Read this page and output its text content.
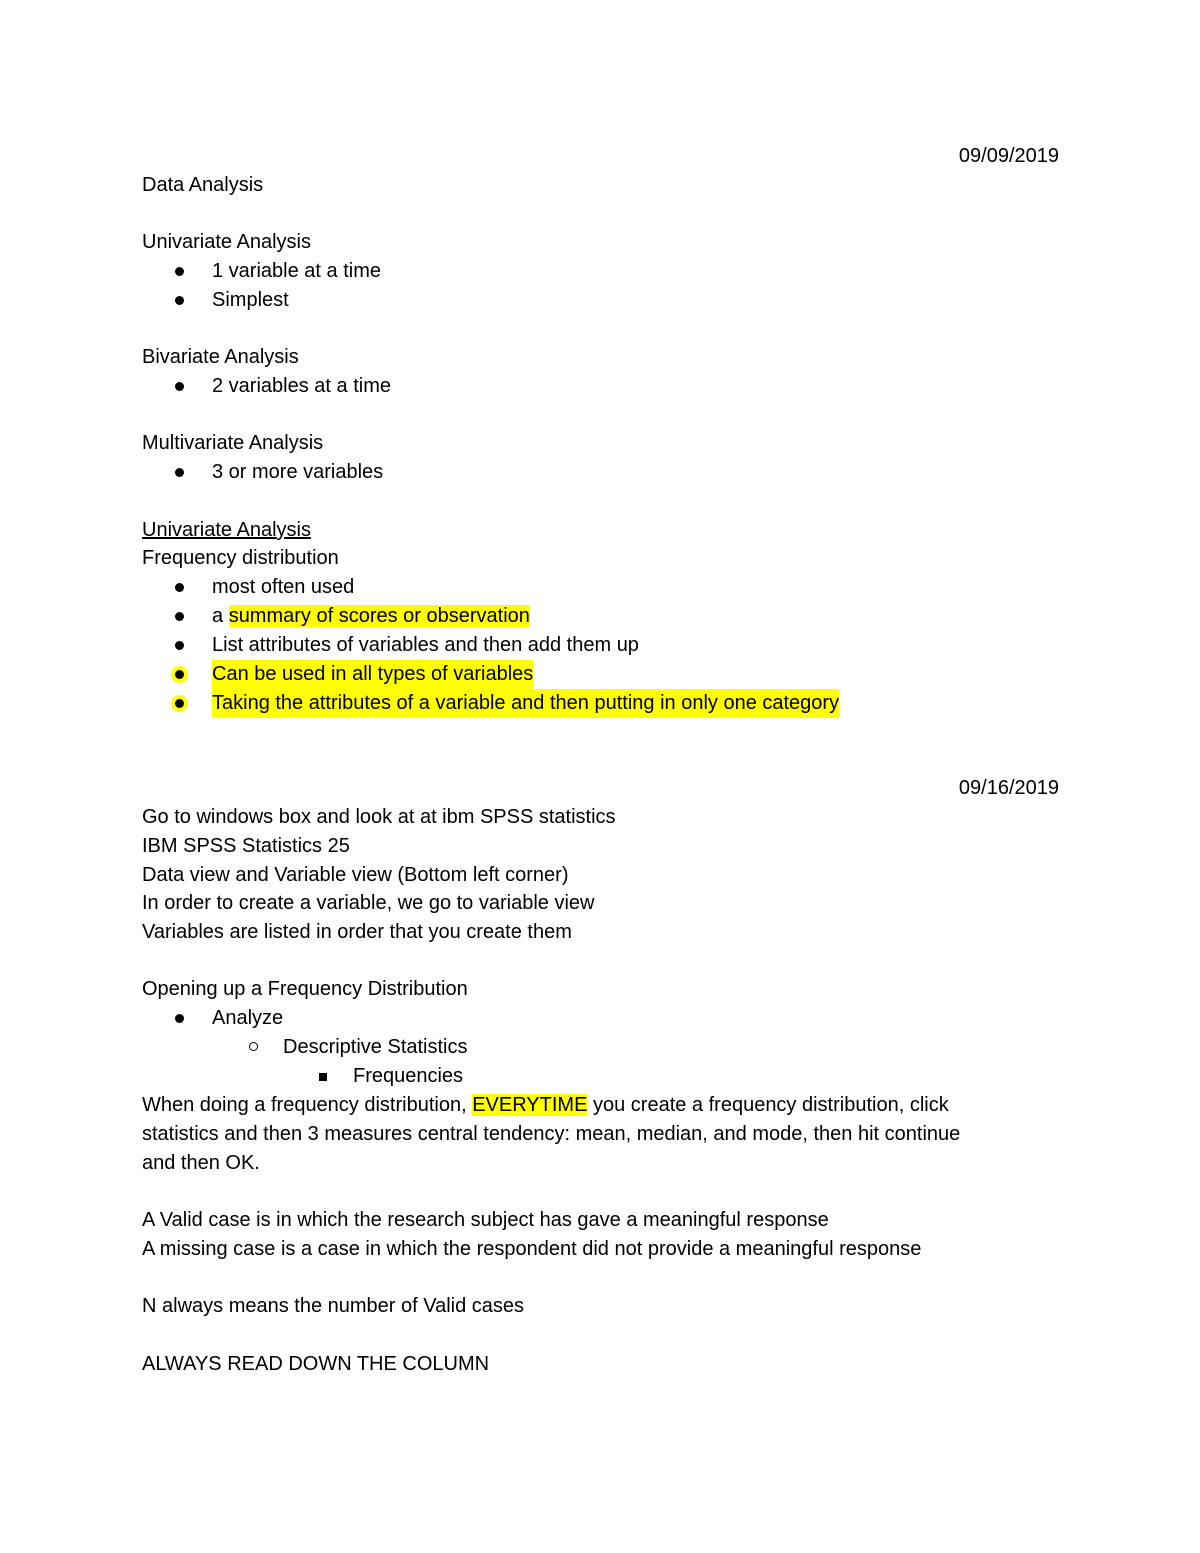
09/09/2019
Data Analysis
Univariate Analysis
1 variable at a time
Simplest
Bivariate Analysis
2 variables at a time
Multivariate Analysis
3 or more variables
Univariate Analysis
Frequency distribution
most often used
a summary of scores or observation
List attributes of variables and then add them up
Can be used in all types of variables
Taking the attributes of a variable and then putting in only one category
09/16/2019
Go to windows box and look at at ibm SPSS statistics
IBM SPSS Statistics 25
Data view and Variable view (Bottom left corner)
In order to create a variable, we go to variable view
Variables are listed in order that you create them
Opening up a Frequency Distribution
Analyze
Descriptive Statistics
Frequencies
When doing a frequency distribution, EVERYTIME you create a frequency distribution, click
statistics and then 3 measures central tendency: mean, median, and mode, then hit continue
and then OK.
A Valid case is in which the research subject has gave a meaningful response
A missing case is a case in which the respondent did not provide a meaningful response
N always means the number of Valid cases
ALWAYS READ DOWN THE COLUMN
